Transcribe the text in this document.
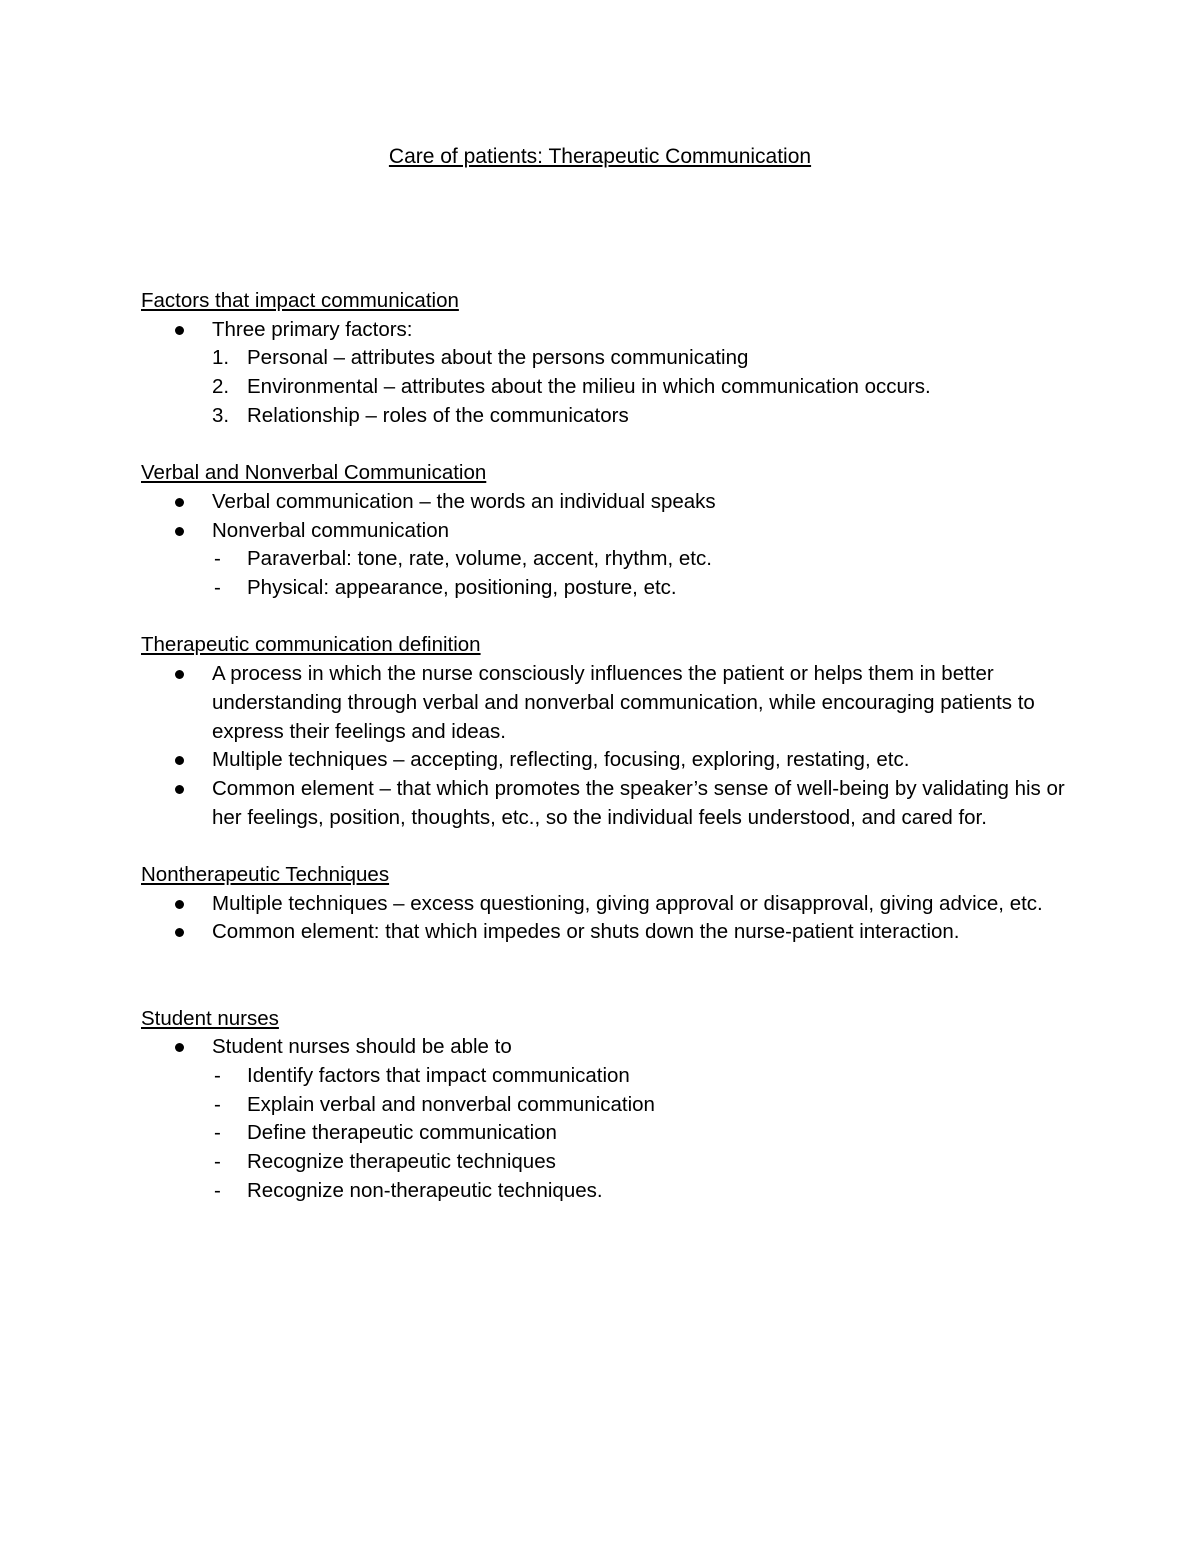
Care of patients: Therapeutic Communication
Factors that impact communication
Three primary factors:
1. Personal – attributes about the persons communicating
2. Environmental – attributes about the milieu in which communication occurs.
3. Relationship – roles of the communicators
Verbal and Nonverbal Communication
Verbal communication – the words an individual speaks
Nonverbal communication
- Paraverbal: tone, rate, volume, accent, rhythm, etc.
- Physical: appearance, positioning, posture, etc.
Therapeutic communication definition
A process in which the nurse consciously influences the patient or helps them in better understanding through verbal and nonverbal communication, while encouraging patients to express their feelings and ideas.
Multiple techniques – accepting, reflecting, focusing, exploring, restating, etc.
Common element – that which promotes the speaker’s sense of well-being by validating his or her feelings, position, thoughts, etc., so the individual feels understood, and cared for.
Nontherapeutic Techniques
Multiple techniques – excess questioning, giving approval or disapproval, giving advice, etc.
Common element: that which impedes or shuts down the nurse-patient interaction.
Student nurses
Student nurses should be able to
- Identify factors that impact communication
- Explain verbal and nonverbal communication
- Define therapeutic communication
- Recognize therapeutic techniques
- Recognize non-therapeutic techniques.
